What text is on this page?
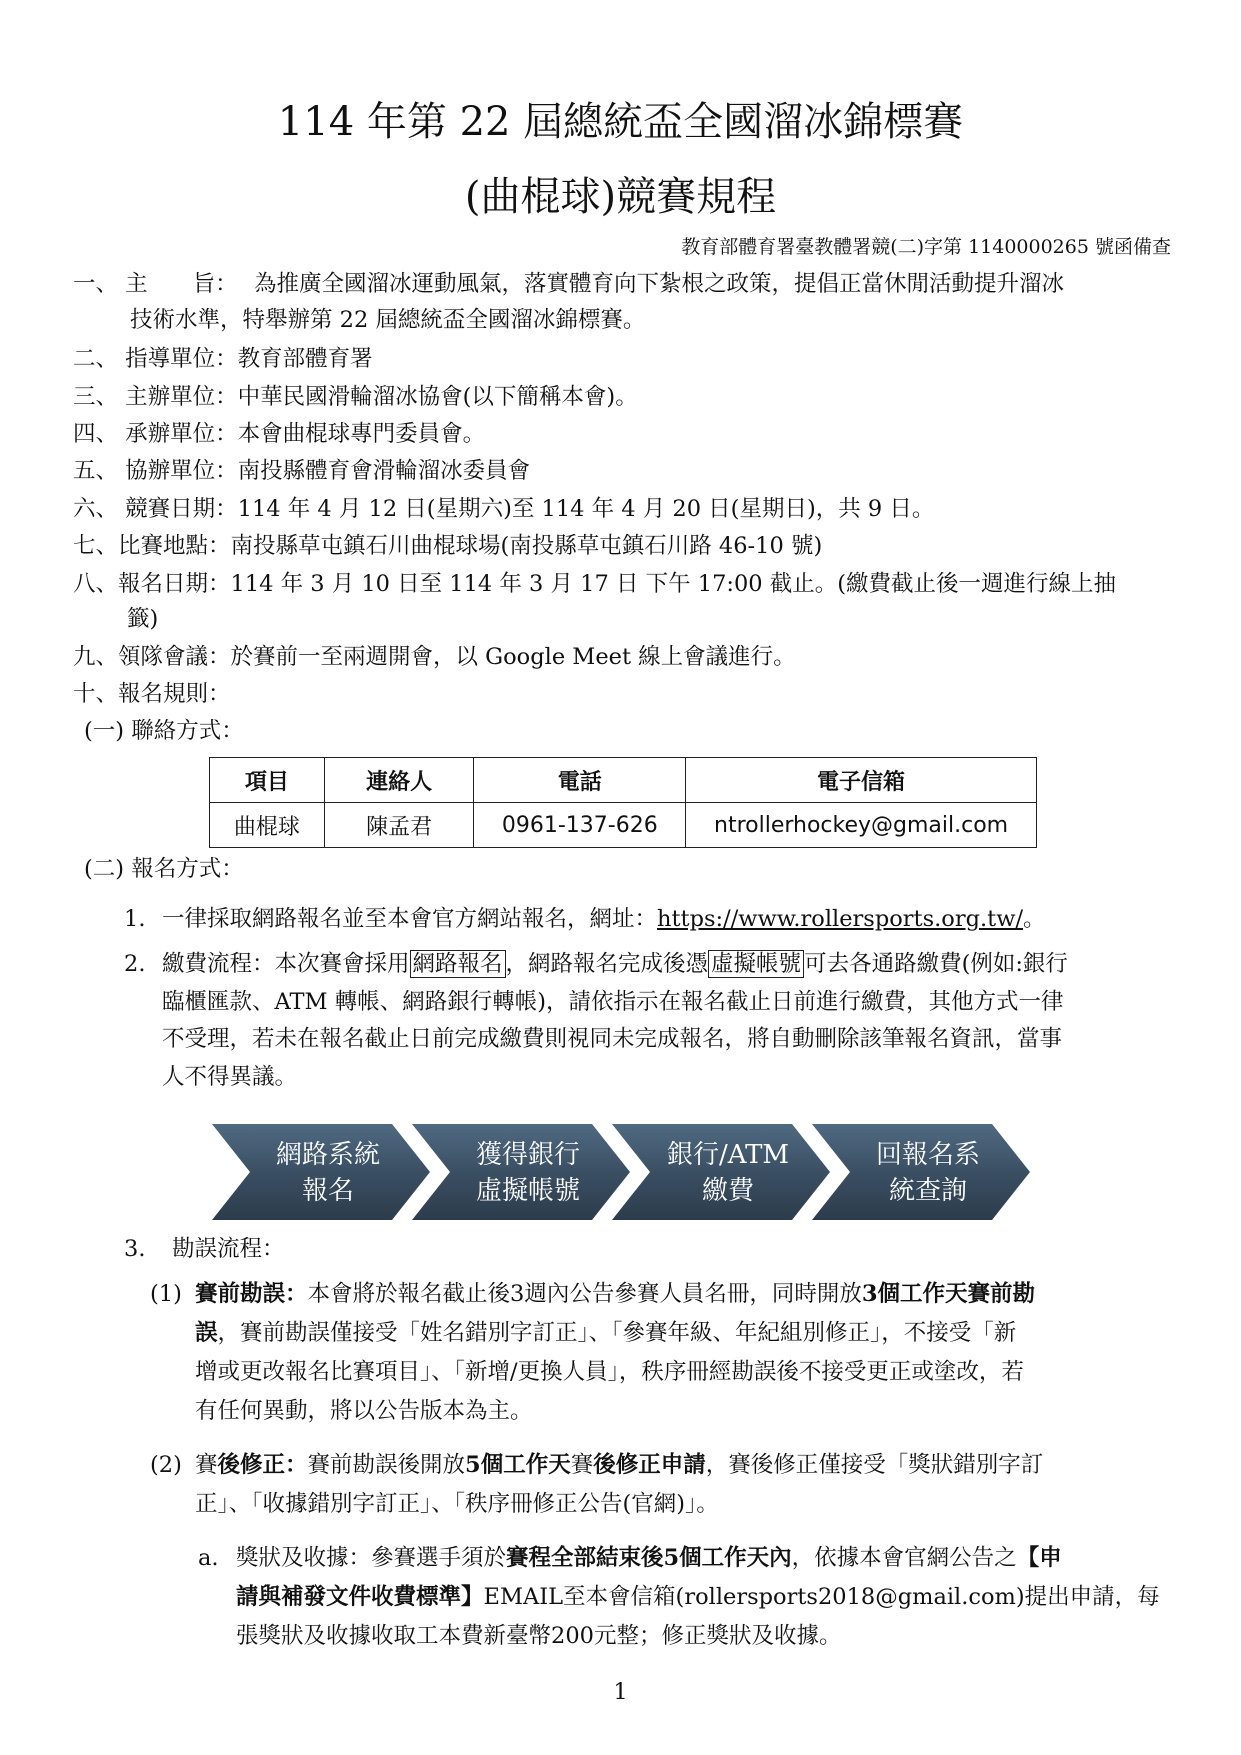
114 年第 22 屆總統盃全國溜冰錦標賽
(曲棍球)競賽規程
教育部體育署臺教體署競(二)字第 1140000265 號函備查
一、 主　　旨： 為推廣全國溜冰運動風氣，落實體育向下紮根之政策，提倡正當休閒活動提升溜冰
技術水準，特舉辦第 22 屆總統盃全國溜冰錦標賽。
二、 指導單位：教育部體育署
三、 主辦單位：中華民國滑輪溜冰協會(以下簡稱本會)。
四、 承辦單位：本會曲棍球專門委員會。
五、 協辦單位：南投縣體育會滑輪溜冰委員會
六、 競賽日期：114 年 4 月 12 日(星期六)至 114 年 4 月 20 日(星期日)，共 9 日。
七、比賽地點：南投縣草屯鎮石川曲棍球場(南投縣草屯鎮石川路 46-10 號)
八、報名日期：114 年 3 月 10 日至 114 年 3 月 17 日 下午 17:00 截止。(繳費截止後一週進行線上抽
籤)
九、領隊會議：於賽前一至兩週開會，以 Google Meet 線上會議進行。
十、報名規則：
(一) 聯絡方式：
項目	連絡人	電話	電子信箱
曲棍球	陳孟君	0961-137-626	ntrollerhockey@gmail.com
(二) 報名方式：
1. 一律採取網路報名並至本會官方網站報名，網址：https://www.rollersports.org.tw/。
2. 繳費流程：本次賽會採用 網路報名 ，網路報名完成後憑 虛擬帳號 可去各通路繳費(例如:銀行
臨櫃匯款、ATM 轉帳、網路銀行轉帳)，請依指示在報名截止日前進行繳費，其他方式一律
不受理，若未在報名截止日前完成繳費則視同未完成報名，將自動刪除該筆報名資訊，當事
人不得異議。
網路系統
報名
獲得銀行
虛擬帳號
銀行/ATM
繳費
回報名系
統查詢
3. 勘誤流程：
(1) 賽前勘誤：本會將於報名截止後3週內公告參賽人員名冊，同時開放3個工作天賽前勘
誤，賽前勘誤僅接受「姓名錯別字訂正」、「參賽年級、年紀組別修正」，不接受「新
增或更改報名比賽項目」、「新增/更換人員」，秩序冊經勘誤後不接受更正或塗改，若
有任何異動，將以公告版本為主。
(2) 賽後修正：賽前勘誤後開放5個工作天賽後修正申請，賽後修正僅接受「獎狀錯別字訂
正」、「收據錯別字訂正」、「秩序冊修正公告(官網)」。
a. 獎狀及收據：參賽選手須於賽程全部結束後5個工作天內，依據本會官網公告之【申
請與補發文件收費標準】EMAIL至本會信箱(rollersports2018@gmail.com)提出申請，每
張獎狀及收據收取工本費新臺幣200元整；修正獎狀及收據。
1
